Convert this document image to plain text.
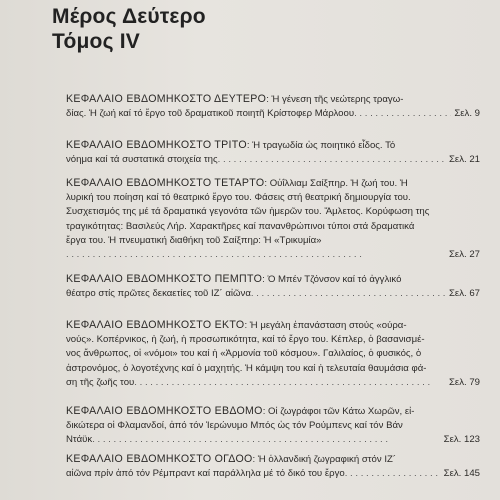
Μέρος Δεύτερο
Τόμος IV
ΚΕΦΑΛΑΙΟ ΕΒΔΟΜΗΚΟΣΤΟ ΔΕΥΤΕΡΟ: Ἡ γένεση τῆς νεώτερης τραγω-
δίας. Ἡ ζωή καί τό ἔργο τοῦ δραματικοῦ ποιητῆ Κρίστοφερ Μάρλοου . . .	Σελ. 9
ΚΕΦΑΛΑΙΟ ΕΒΔΟΜΗΚΟΣΤΟ ΤΡΙΤΟ: Ἡ τραγωδία ὡς ποιητικό εἶδος. Τό
νόημα καί τά συστατικά στοιχεία της . . .	Σελ. 21
ΚΕΦΑΛΑΙΟ ΕΒΔΟΜΗΚΟΣΤΟ ΤΕΤΑΡΤΟ: Οὐΐλλιαμ Σαίξπηρ. Ἡ ζωή του. Ἡ
λυρική του ποίηση καί τό θεατρικό ἔργο του. Φάσεις στή θεατρική δημιουργία του.
Συσχετισμός της μέ τά δραματικά γεγονότα τῶν ἡμερῶν του. Ἄμλετος. Κορύφωση της
τραγικότητας: Βασιλεύς Λήρ. Χαρακτῆρες καί πανανθρώπινοι τύποι στά δραματικά
ἔργα του. Ἡ πνευματική διαθήκη τοῦ Σαίξπηρ: Ἡ «Τρικυμία»
. . .
Σελ. 27
ΚΕΦΑΛΑΙΟ ΕΒΔΟΜΗΚΟΣΤΟ ΠΕΜΠΤΟ: Ὁ Μπέν Τζόνσον καί τό ἀγγλικό
θέατρο στίς πρῶτες δεκαετίες τοῦ ΙΖ´ αἰῶνα . . .	Σελ. 67
ΚΕΦΑΛΑΙΟ ΕΒΔΟΜΗΚΟΣΤΟ ΕΚΤΟ: Ἡ μεγάλη ἐπανάσταση στούς «ούρα-
νούς». Κοπέρνικος, ἡ ζωή, ἡ προσωπικότητα, καί τό ἔργο του. Κέπλερ, ὁ βασανισμέ-
νος ἄνθρωπος, οἱ «νόμοι» του καί ἡ «Ἁρμονία τοῦ κόσμου». Γαλιλαίος, ὁ φυσικός, ὁ
ἀστρονόμος, ὁ λογοτέχνης καί ὁ μαχητής. Ἡ κάμψη του καί ἡ τελευταία θαυμάσια φά-
ση τῆς ζωῆς του . . .	Σελ. 79
ΚΕΦΑΛΑΙΟ ΕΒΔΟΜΗΚΟΣΤΟ ΕΒΔΟΜΟ: Οἱ ζωγράφοι τῶν Κάτω Χωρῶν, εἰ-
δικώτερα οἱ Φλαμανδοί, ἀπό τόν Ἱερώνυμο Μπός ὡς τόν Ρούμπενς καί τόν Βάν
Ντάϋκ . . .	Σελ. 123
ΚΕΦΑΛΑΙΟ ΕΒΔΟΜΗΚΟΣΤΟ ΟΓΔΟΟ: Ἡ ὁλλανδική ζωγραφική στόν ΙΖ´
αἰῶνα πρίν ἀπό τόν Ρέμπραντ καί παράλληλα μέ τό δικό του ἔργο . . .	Σελ. 145
